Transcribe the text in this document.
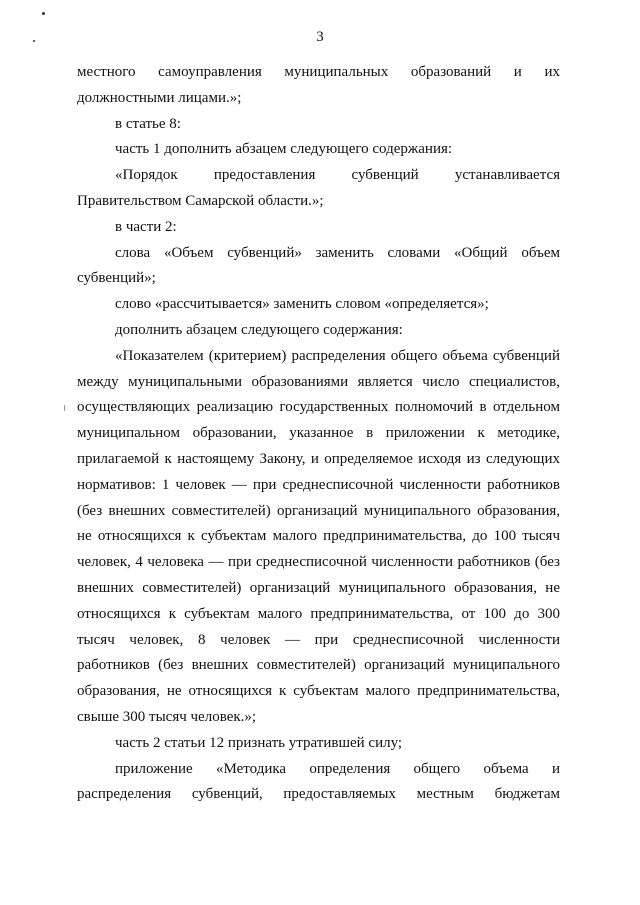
3

местного самоуправления муниципальных образований и их должностными лицами.»;

в статье 8:

часть 1 дополнить абзацем следующего содержания:

«Порядок предоставления субвенций устанавливается Правительством Самарской области.»;

в части 2:

слова «Объем субвенций» заменить словами «Общий объем субвенций»;

слово «рассчитывается» заменить словом «определяется»;

дополнить абзацем следующего содержания:

«Показателем (критерием) распределения общего объема субвенций между муниципальными образованиями является число специалистов, осуществляющих реализацию государственных полномочий в отдельном муниципальном образовании, указанное в приложении к методике, прилагаемой к настоящему Закону, и определяемое исходя из следующих нормативов: 1 человек — при среднесписочной численности работников (без внешних совместителей) организаций муниципального образования, не относящихся к субъектам малого предпринимательства, до 100 тысяч человек, 4 человека — при среднесписочной численности работников (без внешних совместителей) организаций муниципального образования, не относящихся к субъектам малого предпринимательства, от 100 до 300 тысяч человек, 8 человек — при среднесписочной численности работников (без внешних совместителей) организаций муниципального образования, не относящихся к субъектам малого предпринимательства, свыше 300 тысяч человек.»;

часть 2 статьи 12 признать утратившей силу;

приложение «Методика определения общего объема и распределения субвенций, предоставляемых местным бюджетам
